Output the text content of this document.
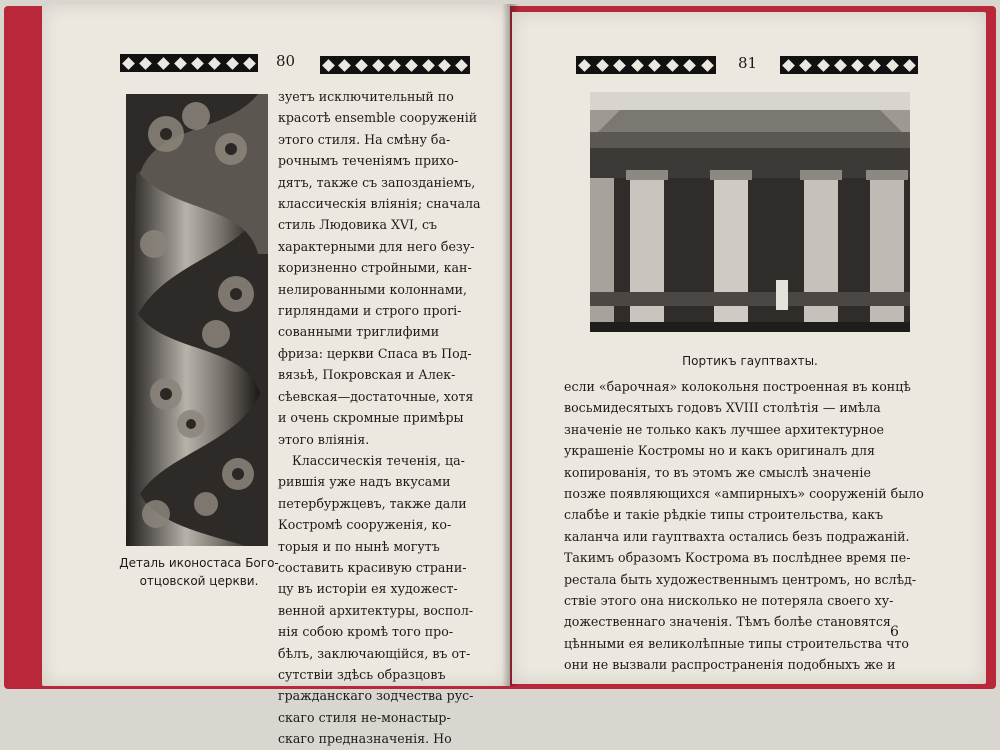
80
Деталь иконостаса Бого-
отцовской церкви.
зуетъ исключительный по
красотѣ ensemble сооруженій
этого стиля. На смѣну ба-
рочнымъ теченіямъ прихо-
дятъ, также съ запозданіемъ,
классическія вліянія; сначала
стиль Людовика XVI, съ
характерными для него безу-
коризненно стройными, кан-
нелированными колоннами,
гирляндами и строго проri-
сованными триглифими
фриза: церкви Спаса въ Под-
вязьѣ, Покровская и Алек-
сѣевская—достаточные, хотя
и очень скромные примѣры
этого вліянія.
Классическія теченія, ца-
рившія уже надъ вкусами
петербуржцевъ, также дали
Костромѣ сооруженія, ко-
торыя и по нынѣ могутъ
составить красивую страни-
цу въ исторіи ея художест-
венной архитектуры, воспол-
нія собою кромѣ того про-
бѣлъ, заключающійся, въ от-
сутствіи здѣсь образцовъ
гражданскаго зодчества рус-
скаго стиля не-монастыр-
скаго предназначенія. Но
81
Портикъ гауптвахты.
если «барочная» колокольня построенная въ концѣ
восьмидесятыхъ годовъ XVIII столѣтія — имѣла
значеніе не только какъ лучшее архитектурное
украшеніе Костромы но и какъ оригиналъ для
копированія, то въ этомъ же смыслѣ значеніе
позже появляющихся «ампирныхъ» сооруженій было
слабѣе и такіе рѣдкіе типы строительства, какъ
каланча или гауптвахта остались безъ подражаній.
Такимъ образомъ Кострома въ послѣднее время пе-
рестала быть художественнымъ центромъ, но вслѣд-
ствіе этого она нисколько не потеряла своего ху-
дожественнаго значенія. Тѣмъ болѣе становятся
цѣнными ея великолѣпные типы строительства что
они не вызвали распространенія подобныхъ же и
6
